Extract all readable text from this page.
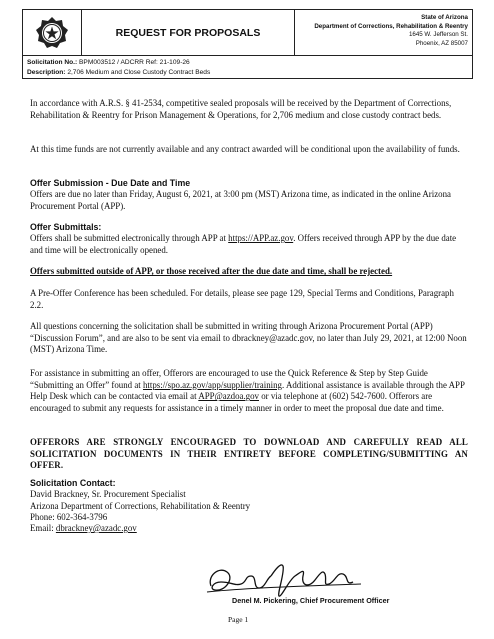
REQUEST FOR PROPOSALS
State of Arizona
Department of Corrections, Rehabilitation & Reentry
1645 W. Jefferson St.
Phoenix, AZ 85007
Solicitation No.: BPM003512 / ADCRR Ref: 21-109-26
Description: 2,706 Medium and Close Custody Contract Beds

In accordance with A.R.S. § 41-2534, competitive sealed proposals will be received by the Department of Corrections, Rehabilitation & Reentry for Prison Management & Operations, for 2,706 medium and close custody contract beds.

At this time funds are not currently available and any contract awarded will be conditional upon the availability of funds.

Offer Submission - Due Date and Time

Offers are due no later than Friday, August 6, 2021, at 3:00 pm (MST) Arizona time, as indicated in the online Arizona Procurement Portal (APP).

Offer Submittals:

Offers shall be submitted electronically through APP at https://APP.az.gov. Offers received through APP by the due date and time will be electronically opened.

Offers submitted outside of APP, or those received after the due date and time, shall be rejected.

A Pre-Offer Conference has been scheduled. For details, please see page 129, Special Terms and Conditions, Paragraph 2.2.

All questions concerning the solicitation shall be submitted in writing through Arizona Procurement Portal (APP) “Discussion Forum”, and are also to be sent via email to dbrackney@azadc.gov, no later than July 29, 2021, at 12:00 Noon (MST) Arizona Time.

For assistance in submitting an offer, Offerors are encouraged to use the Quick Reference & Step by Step Guide “Submitting an Offer” found at https://spo.az.gov/app/supplier/training. Additional assistance is available through the APP Help Desk which can be contacted via email at APP@azdoa.gov or via telephone at (602) 542-7600. Offerors are encouraged to submit any requests for assistance in a timely manner in order to meet the proposal due date and time.

OFFERORS ARE STRONGLY ENCOURAGED TO DOWNLOAD AND CAREFULLY READ ALL SOLICITATION DOCUMENTS IN THEIR ENTIRETY BEFORE COMPLETING/SUBMITTING AN OFFER.

Solicitation Contact:
David Brackney, Sr. Procurement Specialist
Arizona Department of Corrections, Rehabilitation & Reentry
Phone: 602-364-3796
Email: dbrackney@azadc.gov
Denel M. Pickering, Chief Procurement Officer
Page 1
